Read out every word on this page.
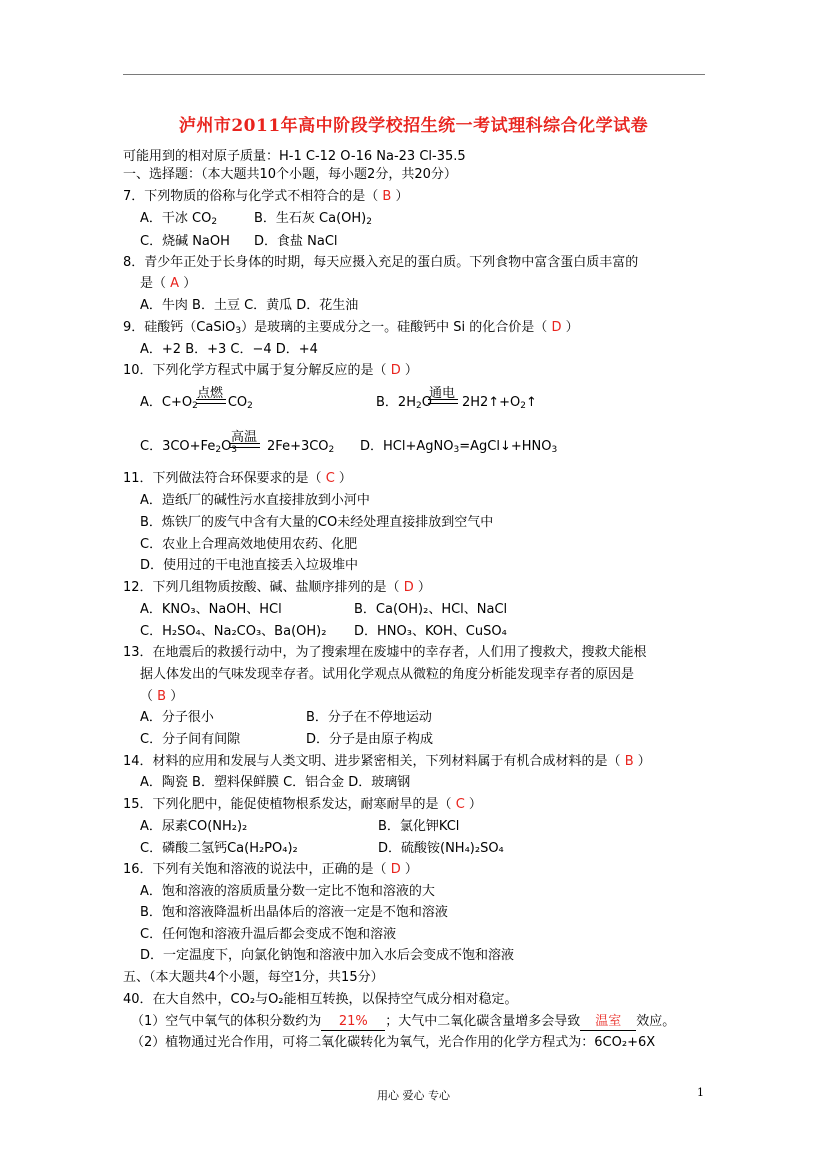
泸州市2011年高中阶段学校招生统一考试理科综合化学试卷
可能用到的相对原子质量：H-1 C-12 O-16 Na-23 Cl-35.5
一、选择题：（本大题共10个小题，每小题2分，共20分）
7．下列物质的俗称与化学式不相符合的是（ B ）
A．干冰 $CO_2$	B．生石灰 $Ca(OH)_2$
C．烧碱 NaOH D．食盐 NaCl
8．青少年正处于长身体的时期，每天应摄入充足的蛋白质。下列食物中富含蛋白质丰富的
是（ A ）
A．牛肉 B．土豆 C．黄瓜 D．花生油
9．硅酸钙（CaSiO$_3$）是玻璃的主要成分之一。硅酸钙中 Si 的化合价是（ D ）
A．+2 B．+3 C．−4 D．+4
10．下列化学方程式中属于复分解反应的是（ D ）
A．$C+O_2$ $CO_2$
点燃
B．$2H_2O$ $2H2↑+O_2↑$
通电
C．$3CO+Fe_2O_3$ $2Fe+3CO_2$
高温
D．$HCl+AgNO_3=AgCl↓+HNO_3$
11．下列做法符合环保要求的是（ C ）
A．造纸厂的碱性污水直接排放到小河中
B．炼铁厂的废气中含有大量的CO未经处理直接排放到空气中
C．农业上合理高效地使用农药、化肥
D．使用过的干电池直接丢入垃圾堆中
12．下列几组物质按酸、碱、盐顺序排列的是（ D ）
A．KNO₃、NaOH、HCl	B．Ca(OH)₂、HCl、NaCl
C．H₂SO₄、Na₂CO₃、Ba(OH)₂ D．HNO₃、KOH、CuSO₄
13．在地震后的救援行动中，为了搜索埋在废墟中的幸存者，人们用了搜救犬，搜救犬能根
据人体发出的气味发现幸存者。试用化学观点从微粒的角度分析能发现幸存者的原因是
（ B ）
A．分子很小	B．分子在不停地运动
C．分子间有间隙	D．分子是由原子构成
14．材料的应用和发展与人类文明、进步紧密相关，下列材料属于有机合成材料的是（ B ）
A．陶瓷 B．塑料保鲜膜 C．铝合金 D．玻璃钢
15．下列化肥中，能促使植物根系发达，耐寒耐旱的是（ C ）
A．尿素CO(NH₂)₂	B．氯化钾KCl
C．磷酸二氢钙Ca(H₂PO₄)₂	D．硫酸铵(NH₄)₂SO₄
16．下列有关饱和溶液的说法中，正确的是（ D ）
A．饱和溶液的溶质质量分数一定比不饱和溶液的大
B．饱和溶液降温析出晶体后的溶液一定是不饱和溶液
C．任何饱和溶液升温后都会变成不饱和溶液
D．一定温度下，向氯化钠饱和溶液中加入水后会变成不饱和溶液
五、（本大题共4个小题，每空1分，共15分）
40．在大自然中，CO₂与O₂能相互转换，以保持空气成分相对稳定。
（1）空气中氧气的体积分数约为 21% ；大气中二氧化碳含量增多会导致 温室 效应。
（2）植物通过光合作用，可将二氧化碳转化为氧气，光合作用的化学方程式为：6CO₂+6X
用心 爱心 专心	1
